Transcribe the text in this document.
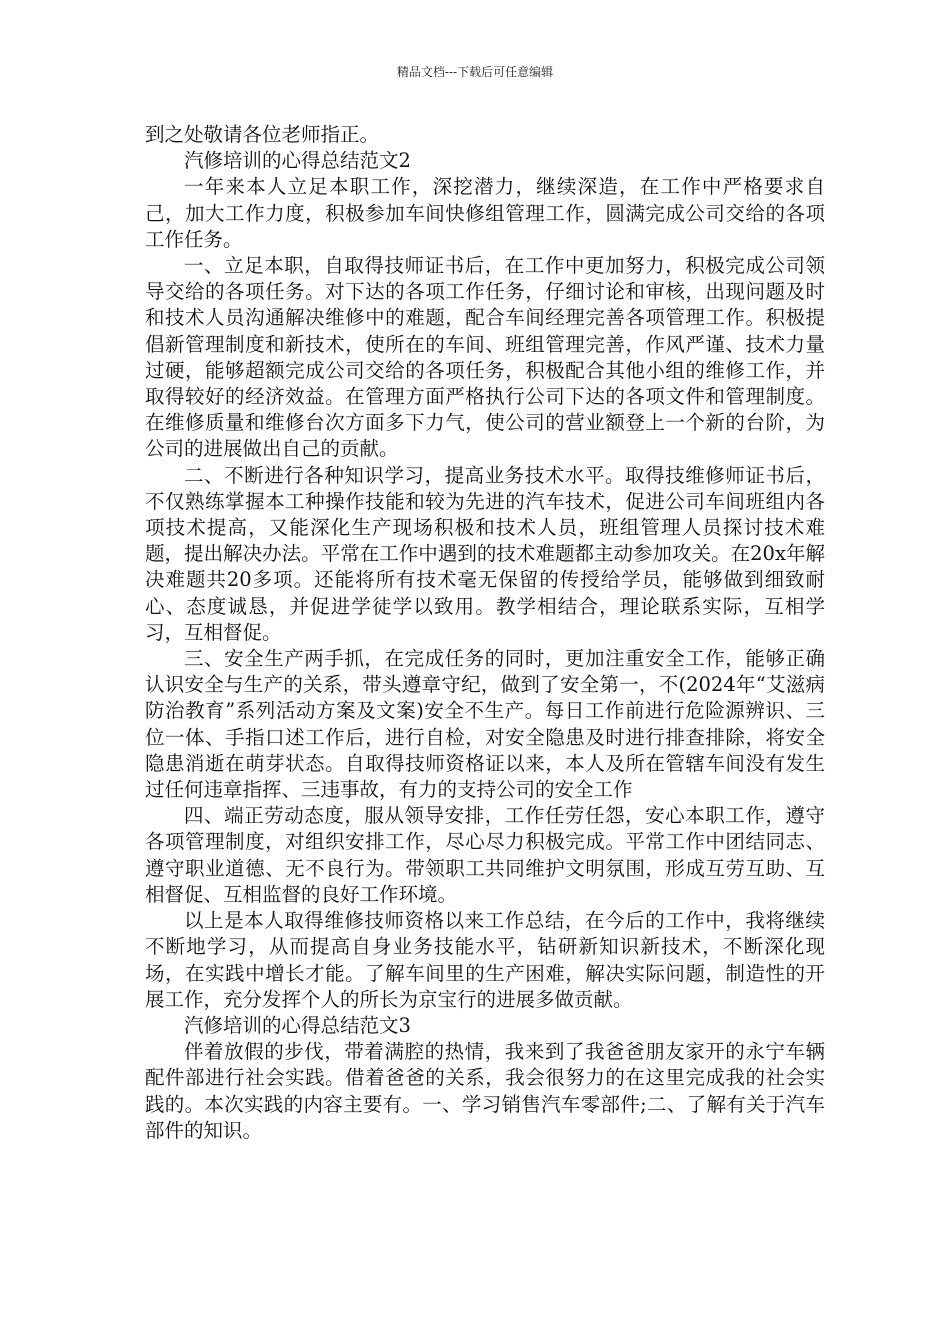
精品文档---下载后可任意编辑

到之处敬请各位老师指正。

汽修培训的心得总结范文2

一年来本人立足本职工作，深挖潜力，继续深造，在工作中严格要求自己，加大工作力度，积极参加车间快修组管理工作，圆满完成公司交给的各项工作任务。

一、立足本职，自取得技师证书后，在工作中更加努力，积极完成公司领导交给的各项任务。对下达的各项工作任务，仔细讨论和审核，出现问题及时和技术人员沟通解决维修中的难题，配合车间经理完善各项管理工作。积极提倡新管理制度和新技术，使所在的车间、班组管理完善，作风严谨、技术力量过硬，能够超额完成公司交给的各项任务，积极配合其他小组的维修工作，并取得较好的经济效益。在管理方面严格执行公司下达的各项文件和管理制度。在维修质量和维修台次方面多下力气，使公司的营业额登上一个新的台阶，为公司的进展做出自己的贡献。

二、不断进行各种知识学习，提高业务技术水平。取得技维修师证书后，不仅熟练掌握本工种操作技能和较为先进的汽车技术，促进公司车间班组内各项技术提高，又能深化生产现场积极和技术人员，班组管理人员探讨技术难题，提出解决办法。平常在工作中遇到的技术难题都主动参加攻关。在20x年解决难题共20多项。还能将所有技术毫无保留的传授给学员，能够做到细致耐心、态度诚恳，并促进学徒学以致用。教学相结合，理论联系实际，互相学习，互相督促。

三、安全生产两手抓，在完成任务的同时，更加注重安全工作，能够正确认识安全与生产的关系，带头遵章守纪，做到了安全第一，不(2024年“艾滋病防治教育”系列活动方案及文案)安全不生产。每日工作前进行危险源辨识、三位一体、手指口述工作后，进行自检，对安全隐患及时进行排查排除，将安全隐患消逝在萌芽状态。自取得技师资格证以来，本人及所在管辖车间没有发生过任何违章指挥、三违事故，有力的支持公司的安全工作

四、端正劳动态度，服从领导安排，工作任劳任怨，安心本职工作，遵守各项管理制度，对组织安排工作，尽心尽力积极完成。平常工作中团结同志、遵守职业道德、无不良行为。带领职工共同维护文明氛围，形成互劳互助、互相督促、互相监督的良好工作环境。

以上是本人取得维修技师资格以来工作总结，在今后的工作中，我将继续不断地学习，从而提高自身业务技能水平，钻研新知识新技术，不断深化现场，在实践中增长才能。了解车间里的生产困难，解决实际问题，制造性的开展工作，充分发挥个人的所长为京宝行的进展多做贡献。

汽修培训的心得总结范文3

伴着放假的步伐，带着满腔的热情，我来到了我爸爸朋友家开的永宁车辆配件部进行社会实践。借着爸爸的关系，我会很努力的在这里完成我的社会实践的。本次实践的内容主要有。一、学习销售汽车零部件;二、了解有关于汽车部件的知识。
